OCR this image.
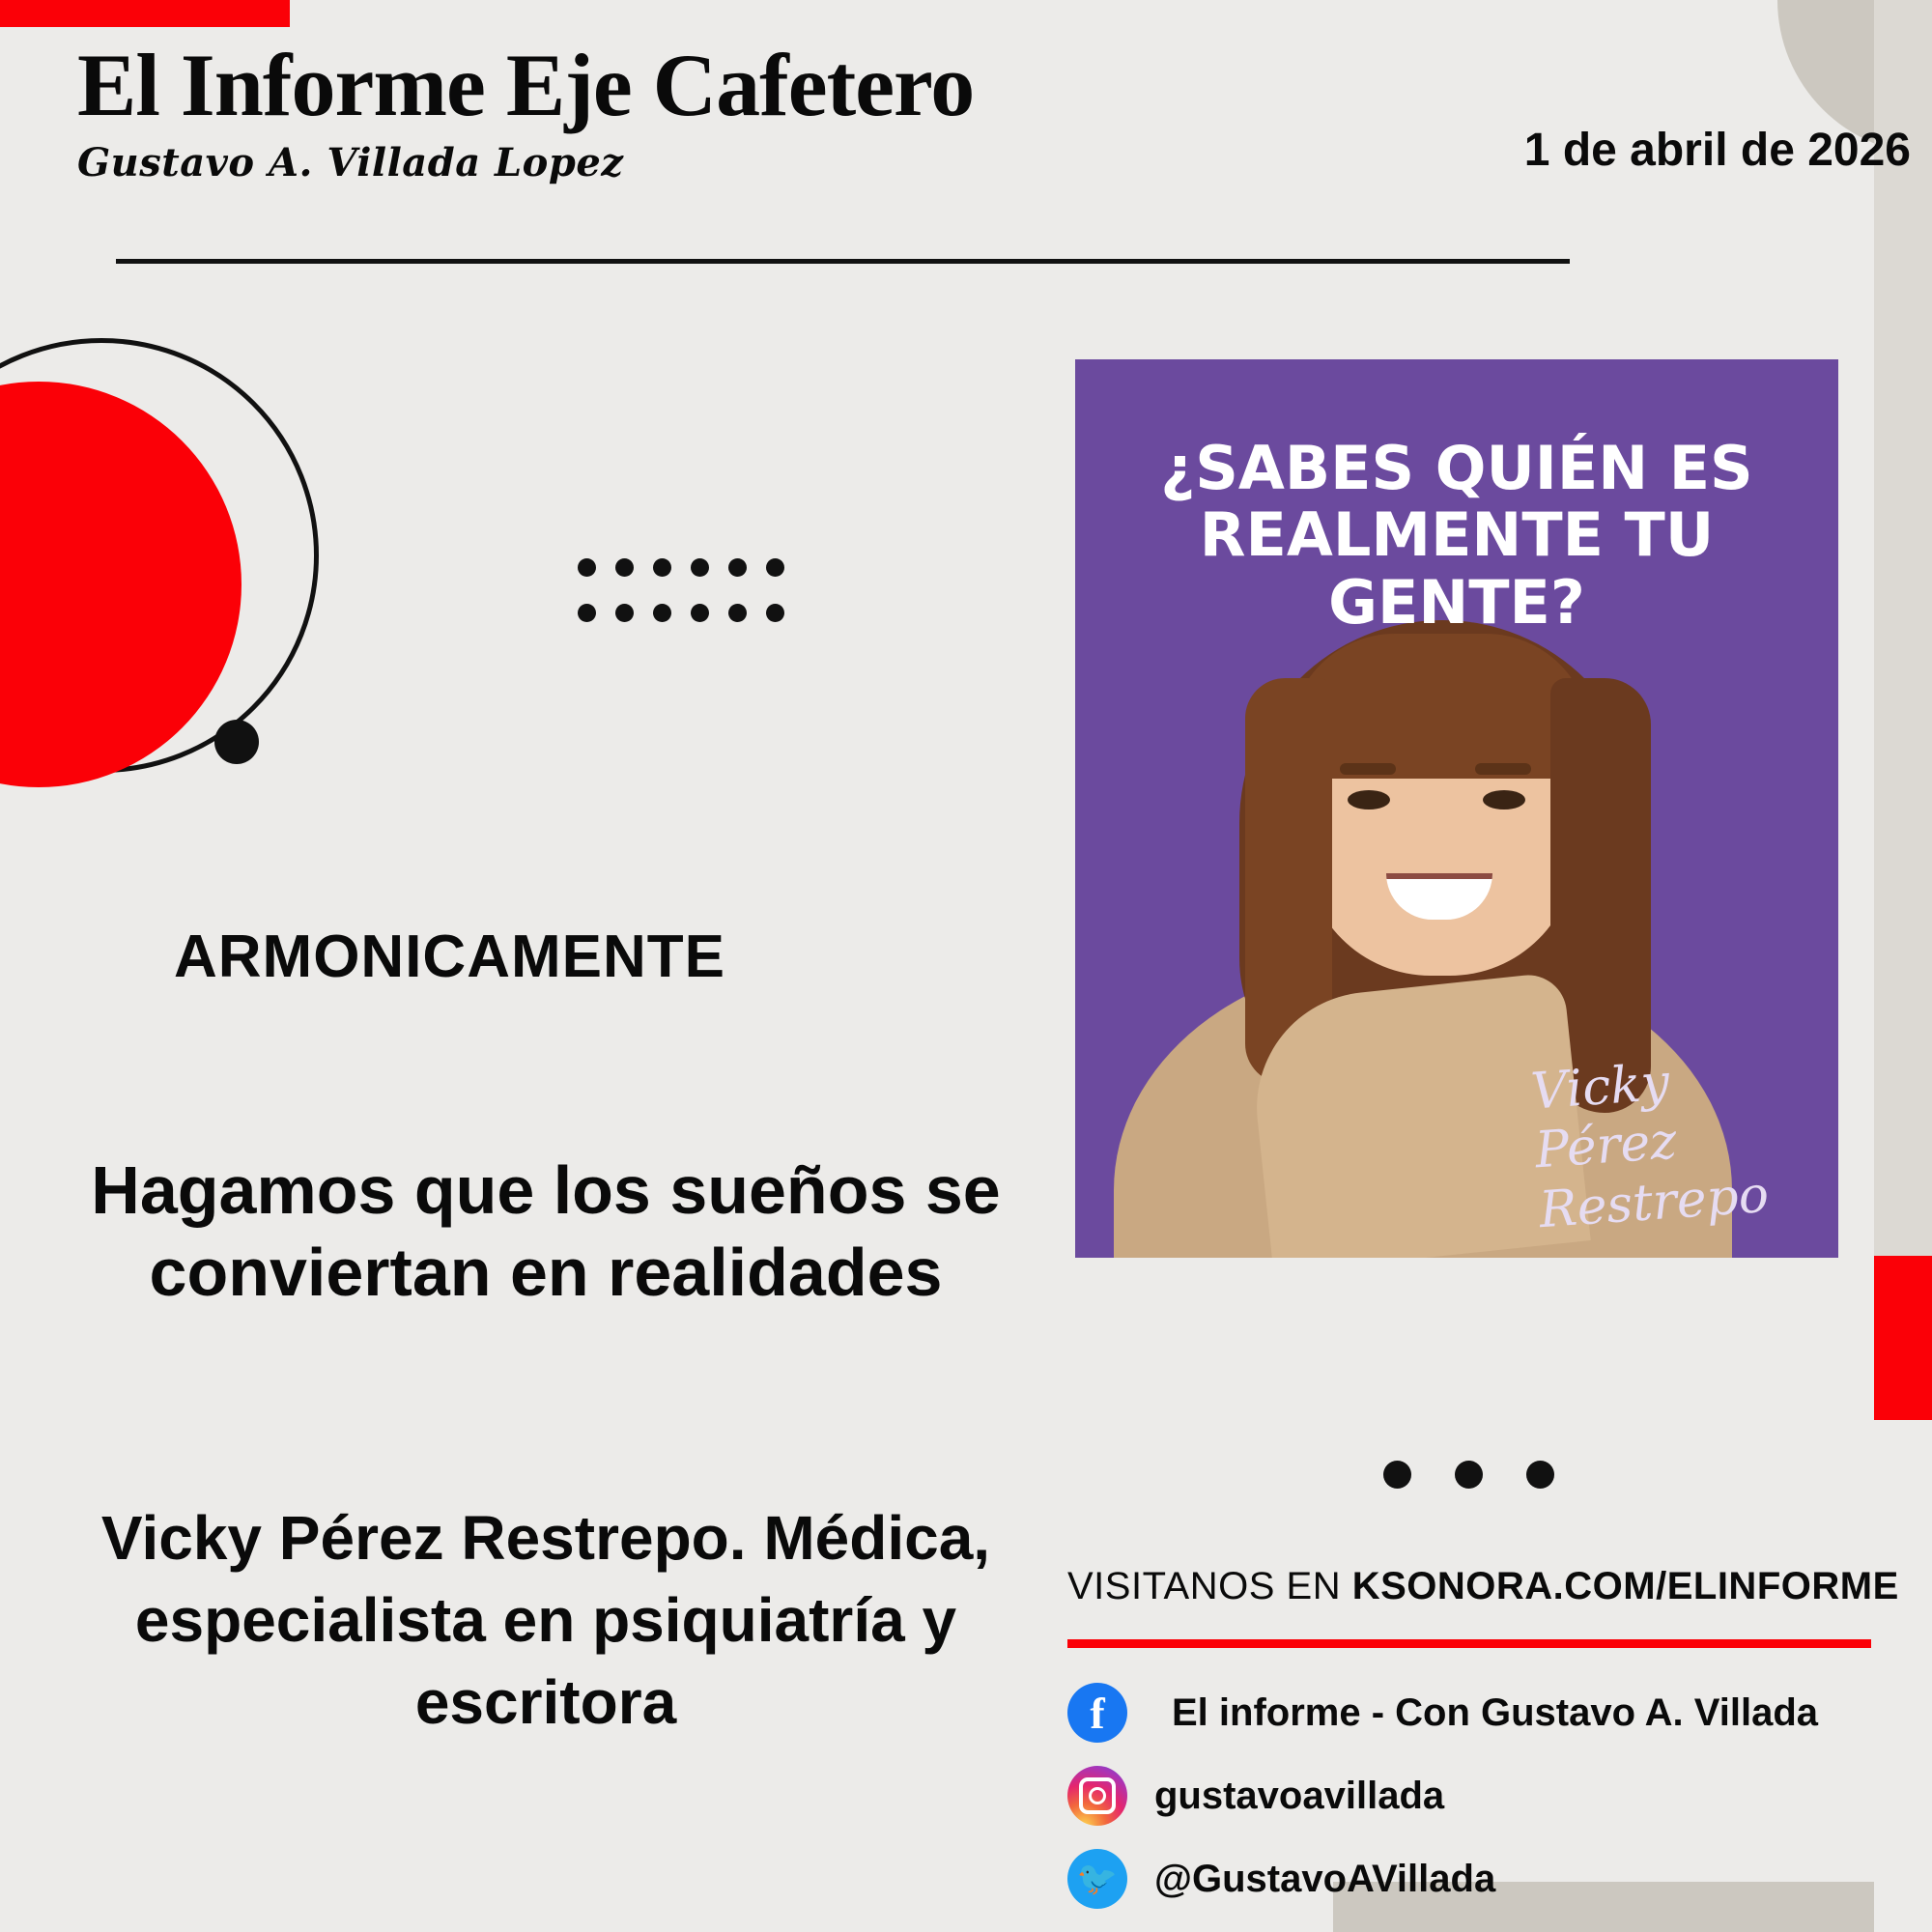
El Informe Eje Cafetero
Gustavo A. Villada Lopez	1 de abril de 2026
ARMONICAMENTE
Hagamos que los sueños se conviertan en realidades
Vicky Pérez Restrepo. Médica, especialista en psiquiatría y escritora
¿SABES QUIÉN ES REALMENTE TU GENTE?
Vicky Pérez Restrepo
VISITANOS EN KSONORA.COM/ELINFORME
f	El informe - Con Gustavo A. Villada
gustavoavillada
🐦 @GustavoAVillada
